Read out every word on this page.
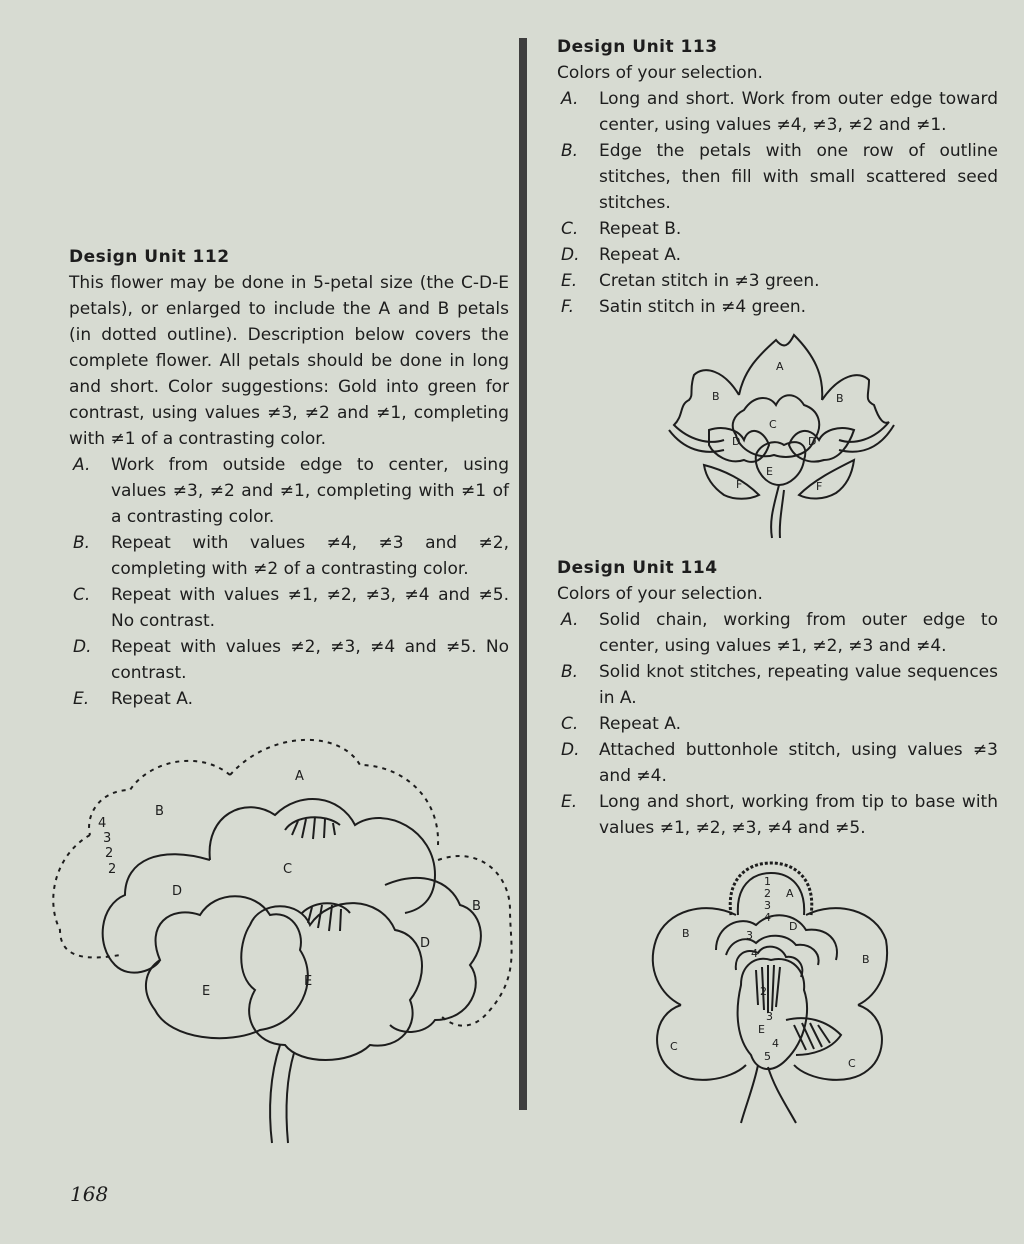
Design Unit 112

This flower may be done in 5-petal size (the C-D-E petals), or enlarged to include the A and B petals (in dotted outline). Description below covers the complete flower. All petals should be done in long and short. Color suggestions: Gold into green for contrast, using values ≠3, ≠2 and ≠1, completing with ≠1 of a contrasting color.

A.	Work from outside edge to center, using values ≠3, ≠2 and ≠1, completing with ≠1 of a contrasting color.
B.	Repeat with values ≠4, ≠3 and ≠2, completing with ≠2 of a contrasting color.
C.	Repeat with values ≠1, ≠2, ≠3, ≠4 and ≠5. No contrast.
D.	Repeat with values ≠2, ≠3, ≠4 and ≠5. No contrast.
E.	Repeat A.
A
B
B
C
D
D
E
E
4
3
2
2
Design Unit 113

Colors of your selection.

A.	Long and short. Work from outer edge toward center, using values ≠4, ≠3, ≠2 and ≠1.
B.	Edge the petals with one row of outline stitches, then fill with small scattered seed stitches.
C.	Repeat B.
D.	Repeat A.
E.	Cretan stitch in ≠3 green.
F.	Satin stitch in ≠4 green.
A
B	B
C
D	D
E
F	F
Design Unit 114

Colors of your selection.

A.	Solid chain, working from outer edge to center, using values ≠1, ≠2, ≠3 and ≠4.
B.	Solid knot stitches, repeating value sequences in A.
C.	Repeat A.
D.	Attached buttonhole stitch, using values ≠3 and ≠4.
E.	Long and short, working from tip to base with values ≠1, ≠2, ≠3, ≠4 and ≠5.
1
2
3
4
A
B
B
D
3
4
2
3
E
4
5
C
C
168
